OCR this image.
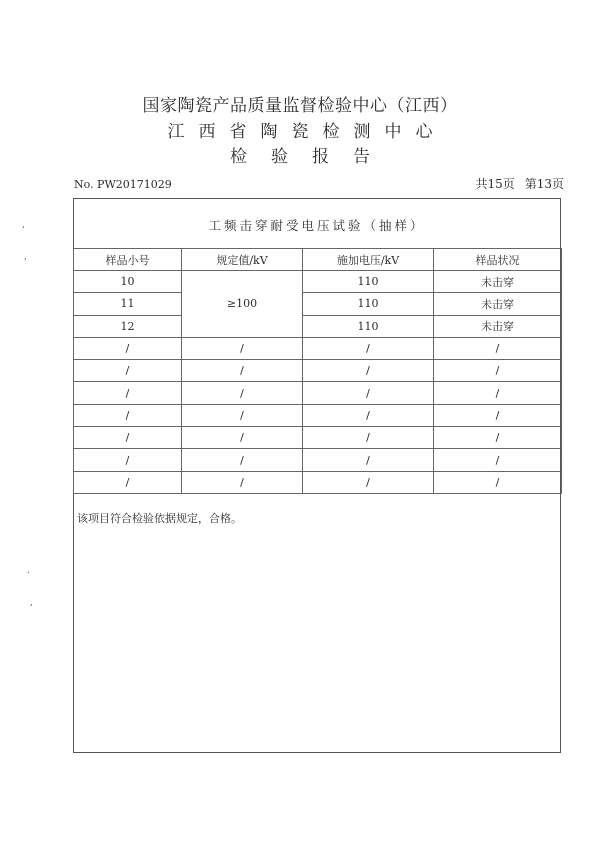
国家陶瓷产品质量监督检验中心（江西）
江西省陶瓷检测中心
检验报告
No. PW20171029	共15页 第13页
,
,
.
,
工频击穿耐受电压试验（抽样）
样品小号	规定值/kV	施加电压/kV	样品状况
10	≥100	110	未击穿
11		110	未击穿
12		110	未击穿
/	/	/	/
/	/	/	/
/	/	/	/
/	/	/	/
/	/	/	/
/	/	/	/
/	/	/	/
该项目符合检验依据规定，合格。
